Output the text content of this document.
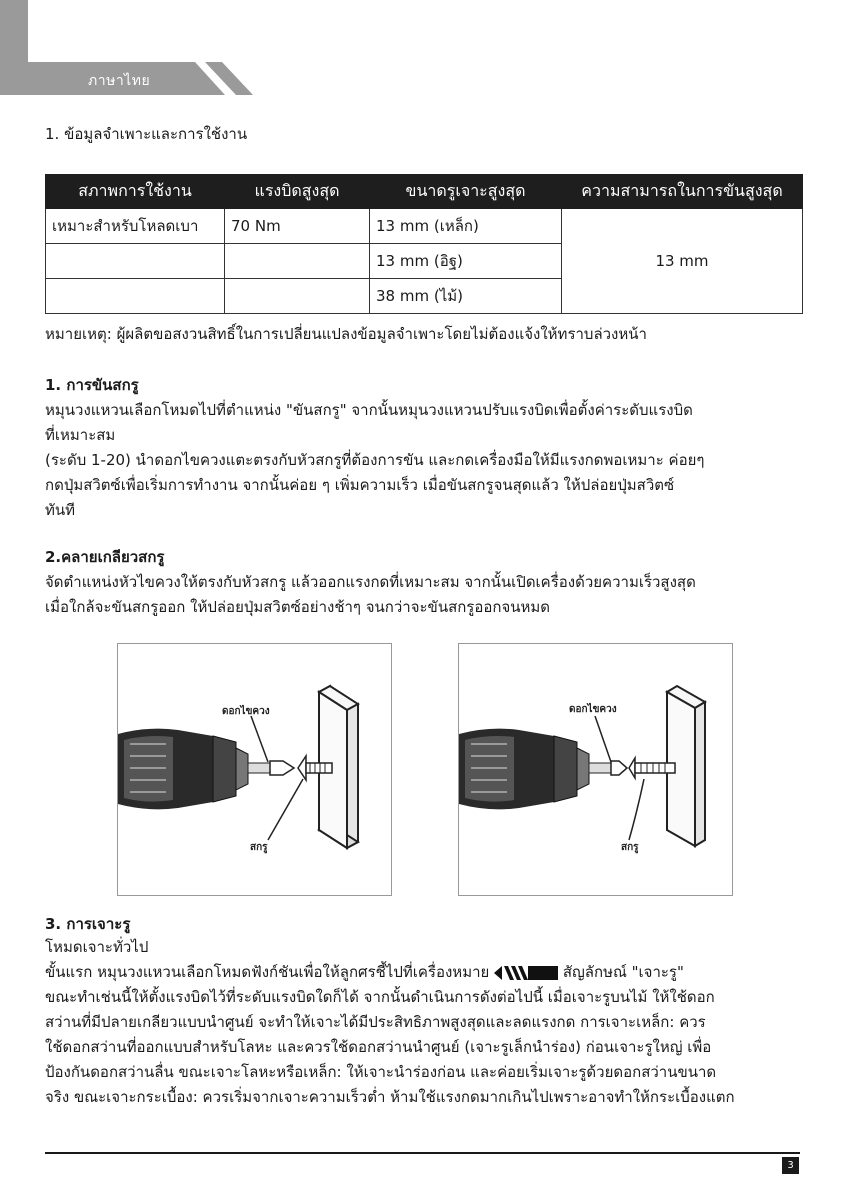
ภาษาไทย
1. ข้อมูลจำเพาะและการใช้งาน
สภาพการใช้งาน	แรงบิดสูงสุด	ขนาดรูเจาะสูงสุด	ความสามารถในการขันสูงสุด
เหมาะสำหรับโหลดเบา	70 Nm	13 mm (เหล็ก)	13 mm
		13 mm (อิฐ)	
		38 mm (ไม้)	
หมายเหตุ: ผู้ผลิตขอสงวนสิทธิ์ในการเปลี่ยนแปลงข้อมูลจำเพาะโดยไม่ต้องแจ้งให้ทราบล่วงหน้า
1. การขันสกรู
หมุนวงแหวนเลือกโหมดไปที่ตำแหน่ง "ขันสกรู" จากนั้นหมุนวงแหวนปรับแรงบิดเพื่อตั้งค่าระดับแรงบิด
ที่เหมาะสม
(ระดับ 1-20) นำดอกไขควงแตะตรงกับหัวสกรูที่ต้องการขัน และกดเครื่องมือให้มีแรงกดพอเหมาะ ค่อยๆ
กดปุ่มสวิตซ์เพื่อเริ่มการทำงาน จากนั้นค่อย ๆ เพิ่มความเร็ว เมื่อขันสกรูจนสุดแล้ว ให้ปล่อยปุ่มสวิตซ์
ทันที
2.คลายเกลียวสกรู
จัดตำแหน่งหัวไขควงให้ตรงกับหัวสกรู แล้วออกแรงกดที่เหมาะสม จากนั้นเปิดเครื่องด้วยความเร็วสูงสุด
เมื่อใกล้จะขันสกรูออก ให้ปล่อยปุ่มสวิตซ์อย่างช้าๆ จนกว่าจะขันสกรูออกจนหมด
ดอกไขควง
สกรู
ดอกไขควง
สกรู
3. การเจาะรู
โหมดเจาะทั่วไป
ขั้นแรก หมุนวงแหวนเลือกโหมดฟังก์ชันเพื่อให้ลูกศรชี้ไปที่เครื่องหมาย	สัญลักษณ์ "เจาะรู"
ขณะทำเช่นนี้ให้ตั้งแรงบิดไว้ที่ระดับแรงบิดใดก็ได้ จากนั้นดำเนินการดังต่อไปนี้ เมื่อเจาะรูบนไม้ ให้ใช้ดอก
สว่านที่มีปลายเกลียวแบบนำศูนย์ จะทำให้เจาะได้มีประสิทธิภาพสูงสุดและลดแรงกด การเจาะเหล็ก: ควร
ใช้ดอกสว่านที่ออกแบบสำหรับโลหะ และควรใช้ดอกสว่านนำศูนย์ (เจาะรูเล็กนำร่อง) ก่อนเจาะรูใหญ่ เพื่อ
ป้องกันดอกสว่านลื่น ขณะเจาะโลหะหรือเหล็ก: ให้เจาะนำร่องก่อน และค่อยเริ่มเจาะรูด้วยดอกสว่านขนาด
จริง ขณะเจาะกระเบื้อง: ควรเริ่มจากเจาะความเร็วต่ำ ห้ามใช้แรงกดมากเกินไปเพราะอาจทำให้กระเบื้องแตก
3
